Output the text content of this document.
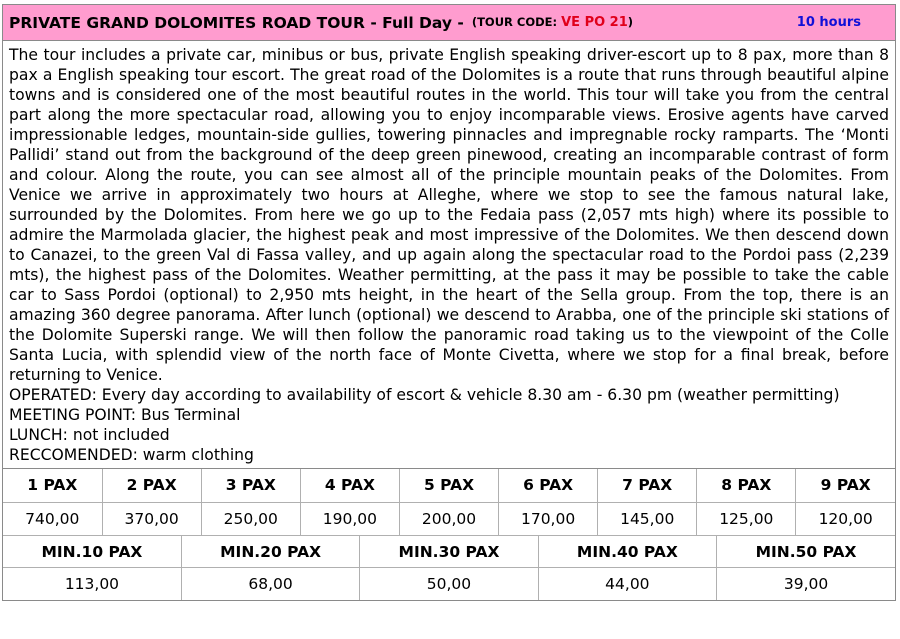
PRIVATE GRAND DOLOMITES ROAD TOUR - Full Day - (TOUR CODE: VE PO 21)	10 hours

The tour includes a private car, minibus or bus, private English speaking driver-escort up to 8 pax, more than 8 pax a English speaking tour escort. The great road of the Dolomites is a route that runs through beautiful alpine towns and is considered one of the most beautiful routes in the world. This tour will take you from the central part along the more spectacular road, allowing you to enjoy incomparable views. Erosive agents have carved impressionable ledges, mountain-side gullies, towering pinnacles and impregnable rocky ramparts. The ‘Monti Pallidi’ stand out from the background of the deep green pinewood, creating an incomparable contrast of form and colour. Along the route, you can see almost all of the principle mountain peaks of the Dolomites. From Venice we arrive in approximately two hours at Alleghe, where we stop to see the famous natural lake, surrounded by the Dolomites. From here we go up to the Fedaia pass (2,057 mts high) where its possible to admire the Marmolada glacier, the highest peak and most impressive of the Dolomites. We then descend down to Canazei, to the green Val di Fassa valley, and up again along the spectacular road to the Pordoi pass (2,239 mts), the highest pass of the Dolomites. Weather permitting, at the pass it may be possible to take the cable car to Sass Pordoi (optional) to 2,950 mts height, in the heart of the Sella group. From the top, there is an amazing 360 degree panorama. After lunch (optional) we descend to Arabba, one of the principle ski stations of the Dolomite Superski range. We will then follow the panoramic road taking us to the viewpoint of the Colle Santa Lucia, with splendid view of the north face of Monte Civetta, where we stop for a final break, before returning to Venice.

OPERATED: Every day according to availability of escort & vehicle 8.30 am - 6.30 pm (weather permitting)

MEETING POINT: Bus Terminal

LUNCH: not included

RECCOMENDED: warm clothing

1 PAX	2 PAX	3 PAX	4 PAX	5 PAX	6 PAX	7 PAX	8 PAX	9 PAX
740,00	370,00	250,00	190,00	200,00	170,00	145,00	125,00	120,00
MIN.10 PAX	MIN.20 PAX	MIN.30 PAX	MIN.40 PAX	MIN.50 PAX
113,00	68,00	50,00	44,00	39,00
